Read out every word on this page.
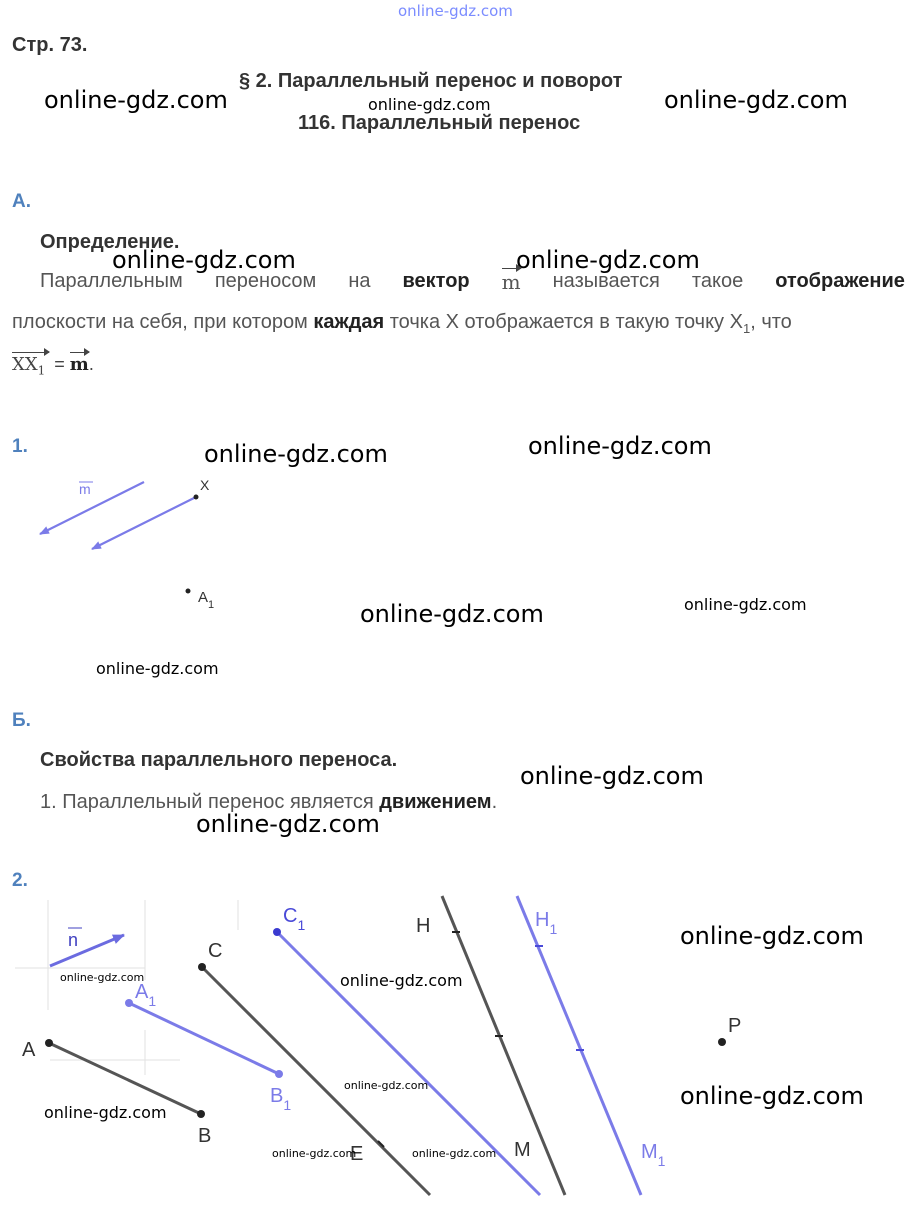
online-gdz.com
Стр. 73.
§ 2. Параллельный перенос и поворот
116. Параллельный перенос
online-gdz.com	online-gdz.com	online-gdz.com
А.
Определение.
online-gdz.com	online-gdz.com
Параллельным переносом на вектор m называется такое отображение
плоскости на себя, при котором каждая точка X отображается в такую точку $X_1$, что
$XX_1 = m$.
1.	online-gdz.com	online-gdz.com
online-gdz.com	online-gdz.com
online-gdz.com
m	X
$A_1$
Б.
Свойства параллельного переноса.
online-gdz.com
1. Параллельный перенос является движением.
online-gdz.com
2.
n
A
B
$A_1$
$B_1$
C
E
$C_1$	H
M
$H_1$
$M_1$
P
online-gdz.com
online-gdz.com	online-gdz.com
online-gdz.com	online-gdz.com
online-gdz.com
online-gdz.com	online-gdz.com
